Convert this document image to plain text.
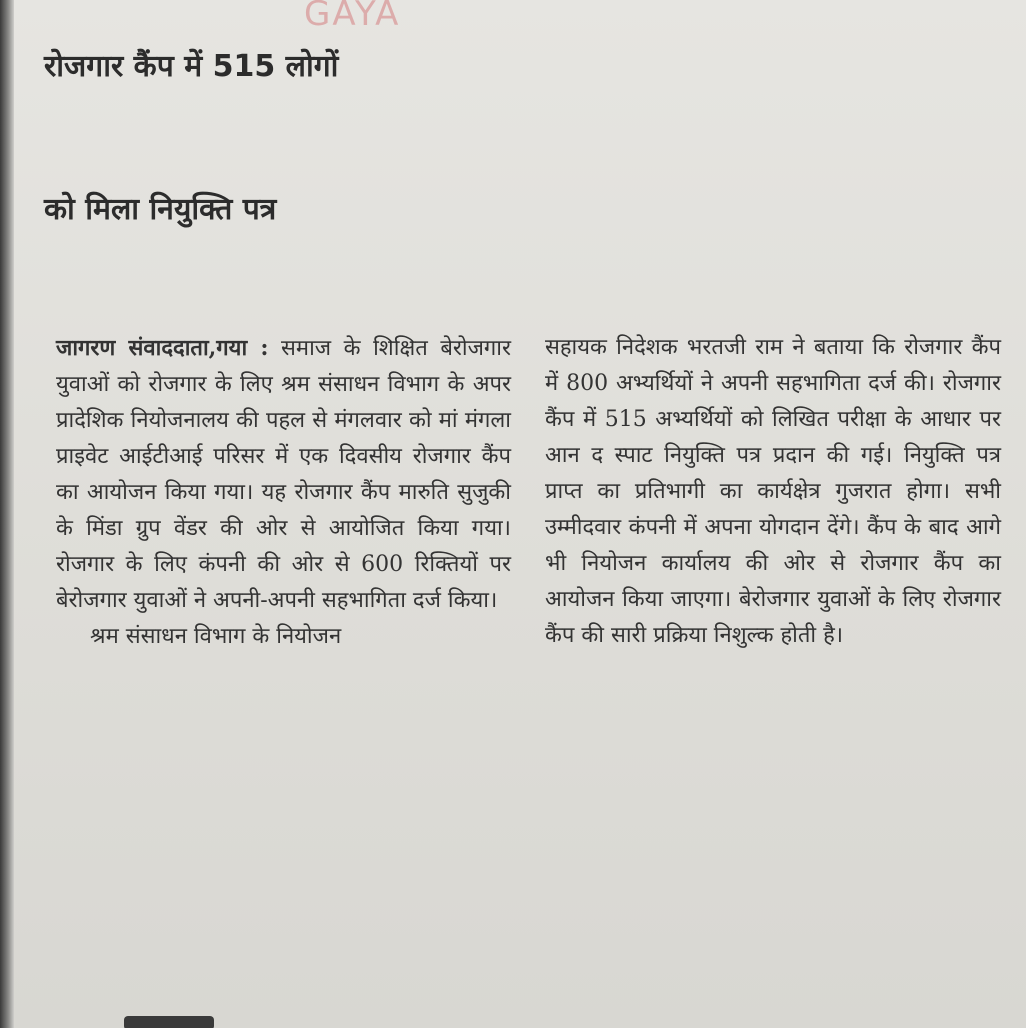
GAYA
रोजगार कैंप में 515 लोगों
को मिला नियुक्ति पत्र

जागरण संवाददाता,गया : समाज के शिक्षित बेरोजगार युवाओं को रोजगार के लिए श्रम संसाधन विभाग के अपर प्रादेशिक नियोजनालय की पहल से मंगलवार को मां मंगला प्राइवेट आईटीआई परिसर में एक दिवसीय रोजगार कैंप का आयोजन किया गया। यह रोजगार कैंप मारुति सुजुकी के मिंडा ग्रुप वेंडर की ओर से आयोजित किया गया। रोजगार के लिए कंपनी की ओर से 600 रिक्तियों पर बेरोजगार युवाओं ने अपनी-अपनी सहभागिता दर्ज किया।

श्रम संसाधन विभाग के नियोजन

सहायक निदेशक भरतजी राम ने बताया कि रोजगार कैंप में 800 अभ्यर्थियों ने अपनी सहभागिता दर्ज की। रोजगार कैंप में 515 अभ्यर्थियों को लिखित परीक्षा के आधार पर आन द स्पाट नियुक्ति पत्र प्रदान की गई। नियुक्ति पत्र प्राप्त का प्रतिभागी का कार्यक्षेत्र गुजरात होगा। सभी उम्मीदवार कंपनी में अपना योगदान देंगे। कैंप के बाद आगे भी नियोजन कार्यालय की ओर से रोजगार कैंप का आयोजन किया जाएगा। बेरोजगार युवाओं के लिए रोजगार कैंप की सारी प्रक्रिया निशुल्क होती है।
